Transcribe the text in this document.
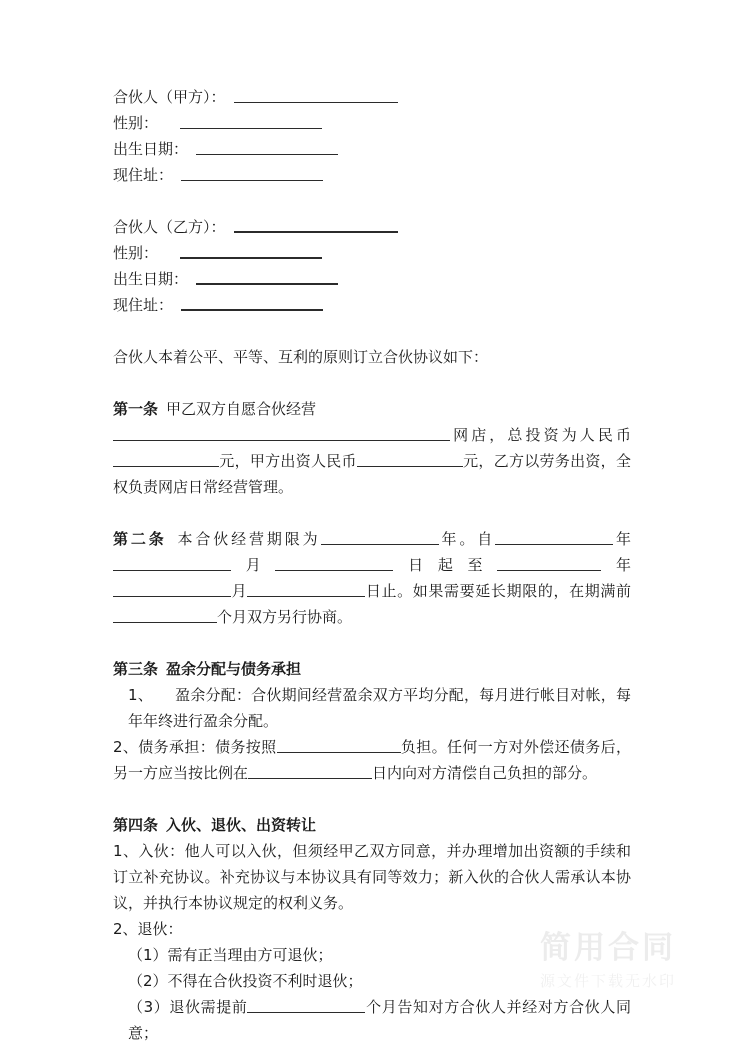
合伙人（甲方）：
性别：
出生日期：
现住址：
合伙人（乙方）：
性别：
出生日期：
现住址：
合伙人本着公平、平等、互利的原则订立合伙协议如下：
第一条 甲乙双方自愿合伙经营
网店，总投资为人民币元，甲方出资人民币	元，乙方以劳务出资，全权负责网店日常经营管理。
第二条 本合伙经营期限为	年。自	年月	日起至	年月	日止。如果需要延长期限的，在期满前个月双方另行协商。
第三条 盈余分配与债务承担
1、 盈余分配：合伙期间经营盈余双方平均分配，每月进行帐目对帐，每年年终进行盈余分配。
2、债务承担：债务按照	负担。任何一方对外偿还债务后，另一方应当按比例在	日内向对方清偿自己负担的部分。
第四条 入伙、退伙、出资转让
1、入伙：他人可以入伙，但须经甲乙双方同意，并办理增加出资额的手续和订立补充协议。补充协议与本协议具有同等效力；新入伙的合伙人需承认本协议，并执行本协议规定的权利义务。
2、退伙：
（1）需有正当理由方可退伙；
（2）不得在合伙投资不利时退伙；
（3）退伙需提前	个月告知对方合伙人并经对方合伙人同意；
简用合同
源文件下载无水印
